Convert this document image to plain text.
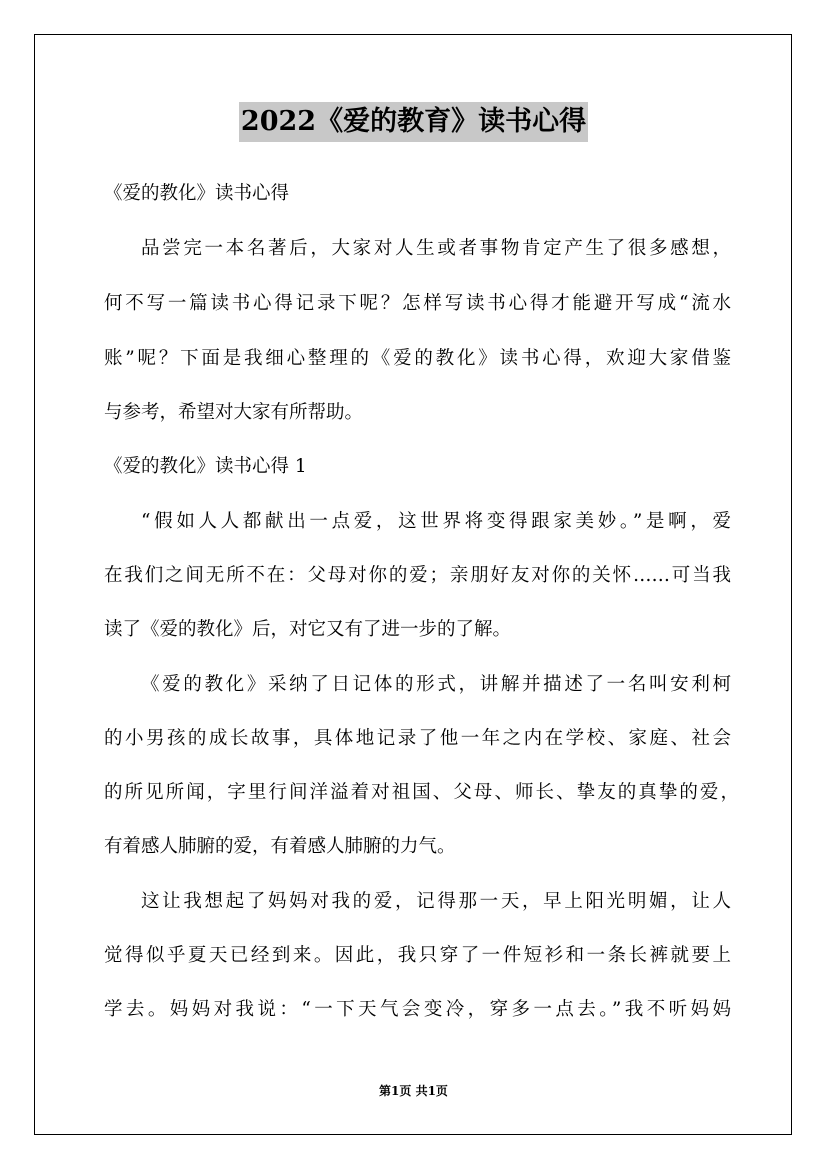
2022《爱的教育》读书心得
《爱的教化》读书心得
品尝完一本名著后，大家对人生或者事物肯定产生了很多感想，
何不写一篇读书心得记录下呢？怎样写读书心得才能避开写成“流水
账”呢？下面是我细心整理的《爱的教化》读书心得，欢迎大家借鉴
与参考，希望对大家有所帮助。
《爱的教化》读书心得 1
“假如人人都献出一点爱，这世界将变得跟家美妙。”是啊，爱
在我们之间无所不在：父母对你的爱；亲朋好友对你的关怀……可当我
读了《爱的教化》后，对它又有了进一步的了解。
《爱的教化》采纳了日记体的形式，讲解并描述了一名叫安利柯
的小男孩的成长故事，具体地记录了他一年之内在学校、家庭、社会
的所见所闻，字里行间洋溢着对祖国、父母、师长、挚友的真挚的爱，
有着感人肺腑的爱，有着感人肺腑的力气。
这让我想起了妈妈对我的爱，记得那一天，早上阳光明媚，让人
觉得似乎夏天已经到来。因此，我只穿了一件短衫和一条长裤就要上
学去。妈妈对我说：“一下天气会变冷，穿多一点去。”我不听妈妈
第1页 共1页
